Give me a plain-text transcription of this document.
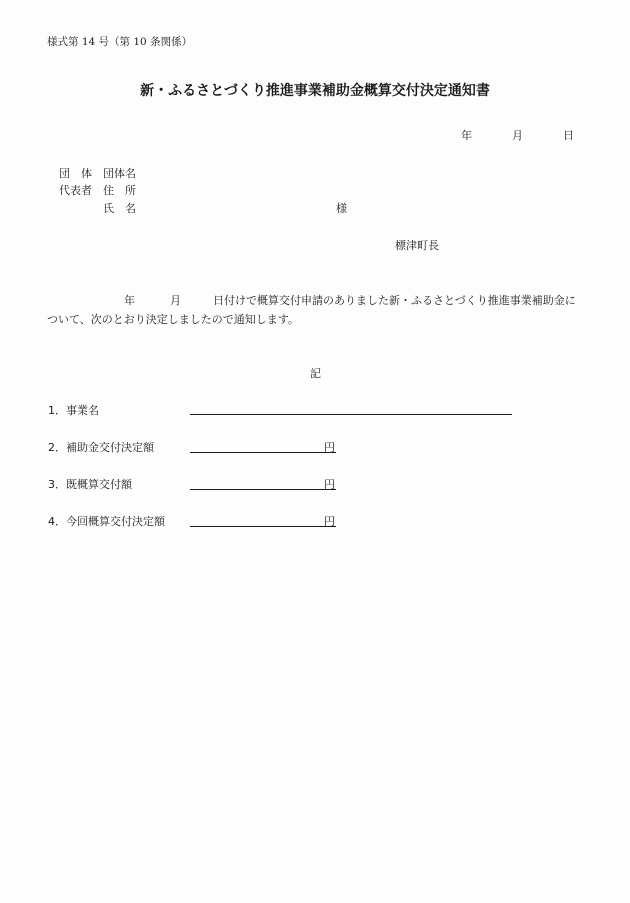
様式第 14 号（第 10 条関係）
新・ふるさとづくり推進事業補助金概算交付決定通知書
年	月	日
団　体 団体名
代表者 住　所
氏　名	様
標津町長
年	月	日付けで概算交付申請のありました新・ふるさとづくり推進事業補助金に
ついて、次のとおり決定しましたので通知します。
記
1．事業名
2．補助金交付決定額	円
3．既概算交付額	円
4．今回概算交付決定額	円
